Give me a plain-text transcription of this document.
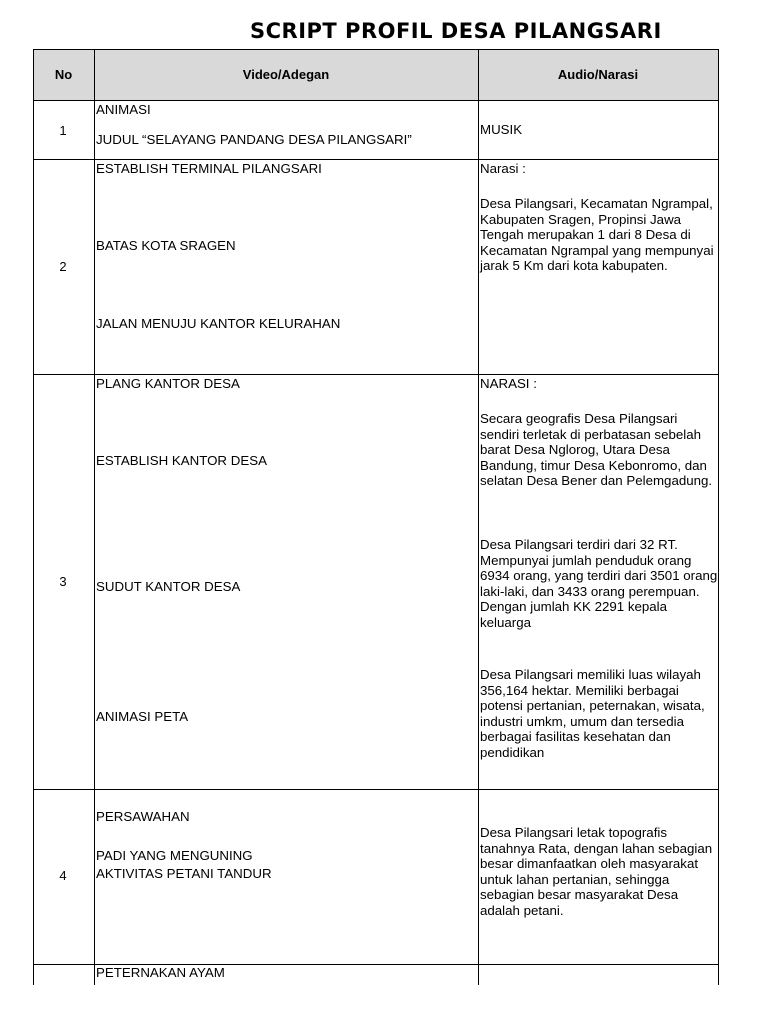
SCRIPT PROFIL DESA PILANGSARI
No	Video/Adegan	Audio/Narasi
1
ANIMASI
JUDUL “SELAYANG PANDANG DESA PILANGSARI”
MUSIK
2
ESTABLISH TERMINAL PILANGSARI
BATAS KOTA SRAGEN
JALAN MENUJU KANTOR KELURAHAN
Narasi :
Desa Pilangsari, Kecamatan Ngrampal, Kabupaten Sragen, Propinsi Jawa Tengah merupakan 1 dari 8 Desa di Kecamatan Ngrampal yang mempunyai jarak 5 Km dari kota kabupaten.
3
PLANG KANTOR DESA
ESTABLISH KANTOR DESA
SUDUT KANTOR DESA
ANIMASI PETA
NARASI :
Secara geografis Desa Pilangsari sendiri terletak di perbatasan sebelah barat Desa Nglorog, Utara Desa Bandung, timur Desa Kebonromo, dan selatan Desa Bener dan Pelemgadung.
Desa Pilangsari terdiri dari 32 RT. Mempunyai jumlah penduduk orang 6934 orang, yang terdiri dari 3501 orang laki-laki, dan 3433 orang perempuan. Dengan jumlah KK 2291 kepala keluarga
Desa Pilangsari memiliki luas wilayah 356,164 hektar. Memiliki berbagai potensi pertanian, peternakan, wisata, industri umkm, umum dan tersedia berbagai fasilitas kesehatan dan pendidikan
4
PERSAWAHAN
PADI YANG MENGUNING
AKTIVITAS PETANI TANDUR
Desa Pilangsari letak topografis tanahnya Rata, dengan lahan sebagian besar dimanfaatkan oleh masyarakat untuk lahan pertanian, sehingga sebagian besar masyarakat Desa adalah petani.
PETERNAKAN AYAM
